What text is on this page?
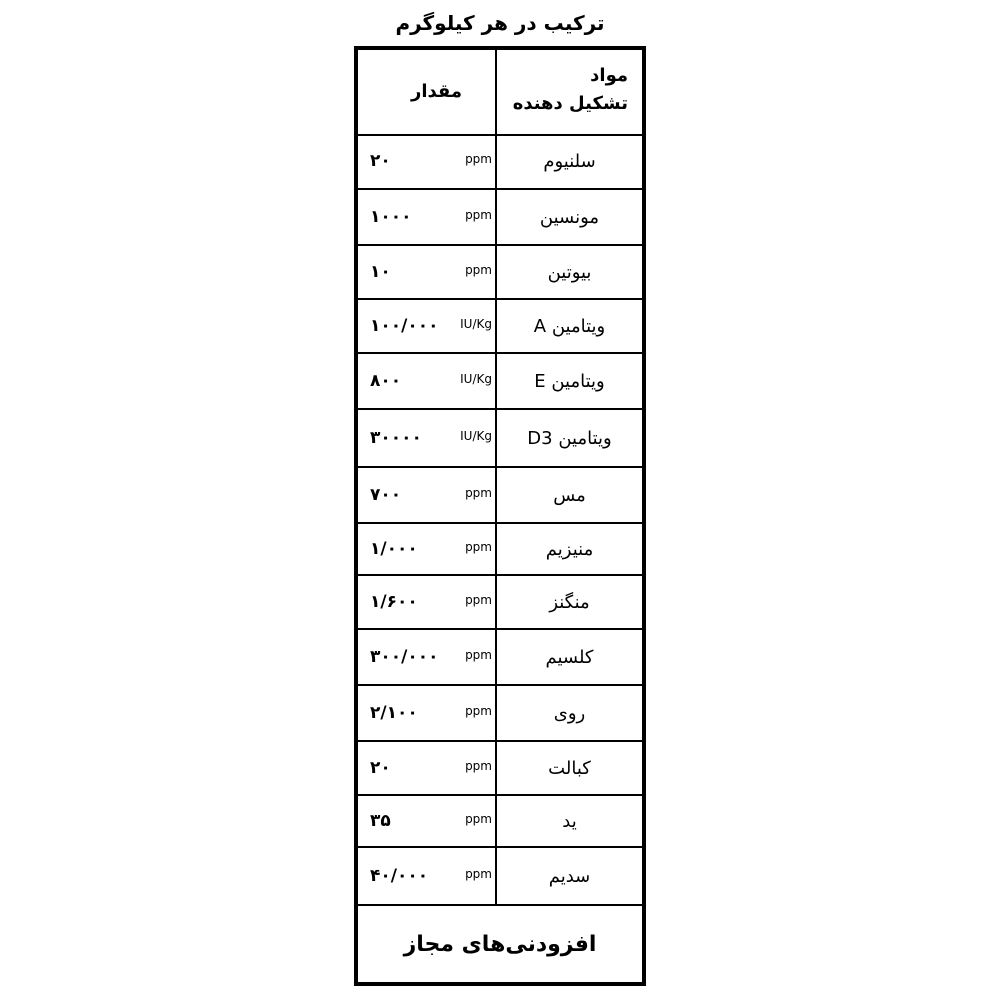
ترکیب در هر کیلوگرم
مواد
تشکیل دهنده
مقدار
سلنیوم
ppm
۲۰
مونسین
ppm
۱۰۰۰
بیوتین
ppm
۱۰
ویتامین A
IU/Kg
۱۰۰/۰۰۰
ویتامین E
IU/Kg
۸۰۰
ویتامین D3
IU/Kg
۳۰۰۰۰
مس
ppm
۷۰۰
منیزیم
ppm
۱/۰۰۰
منگنز
ppm
۱/۶۰۰
کلسیم
ppm
۳۰۰/۰۰۰
روی
ppm
۲/۱۰۰
کبالت
ppm
۲۰
ید
ppm
۳۵
سدیم
ppm
۴۰/۰۰۰
افزودنی‌های مجاز
